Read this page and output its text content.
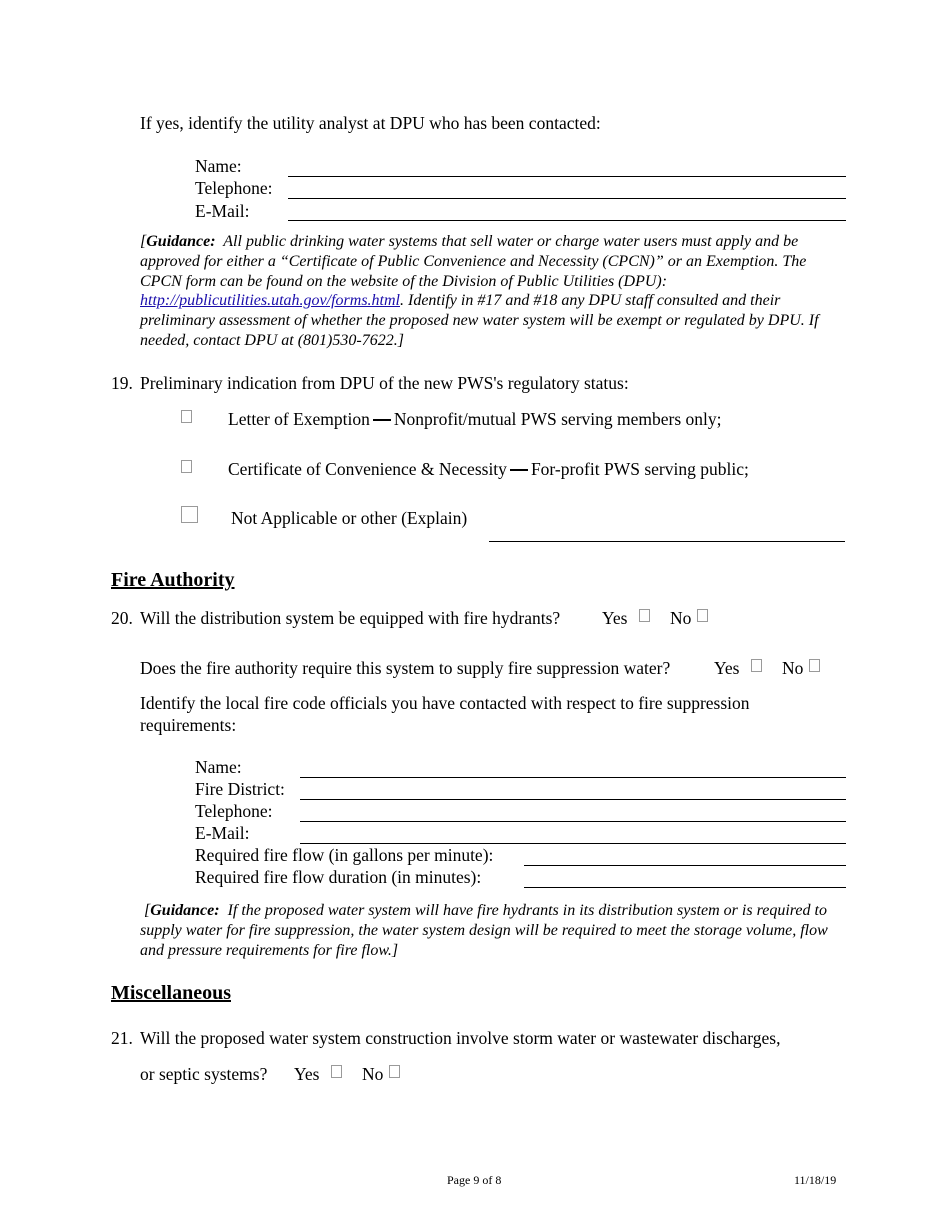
If yes, identify the utility analyst at DPU who has been contacted:
Name:
Telephone:
E-Mail:
[Guidance: All public drinking water systems that sell water or charge water users must apply and be approved for either a “Certificate of Public Convenience and Necessity (CPCN)” or an Exemption. The CPCN form can be found on the website of the Division of Public Utilities (DPU): http://publicutilities.utah.gov/forms.html. Identify in #17 and #18 any DPU staff consulted and their preliminary assessment of whether the proposed new water system will be exempt or regulated by DPU. If needed, contact DPU at (801)530-7622.]
19. Preliminary indication from DPU of the new PWS's regulatory status:
Letter of Exemption Nonprofit/mutual PWS serving members only;
Certificate of Convenience & Necessity For-profit PWS serving public;
Not Applicable or other (Explain)
Fire Authority
20. Will the distribution system be equipped with fire hydrants? Yes No
Does the fire authority require this system to supply fire suppression water?	Yes No
Identify the local fire code officials you have contacted with respect to fire suppression
requirements:
Name:
Fire District:
Telephone:
E-Mail:
Required fire flow (in gallons per minute):
Required fire flow duration (in minutes):
[Guidance: If the proposed water system will have fire hydrants in its distribution system or is required to supply water for fire suppression, the water system design will be required to meet the storage volume, flow and pressure requirements for fire flow.]
Miscellaneous
21. Will the proposed water system construction involve storm water or wastewater discharges,
or septic systems? Yes No
Page 9 of 8	11/18/19
